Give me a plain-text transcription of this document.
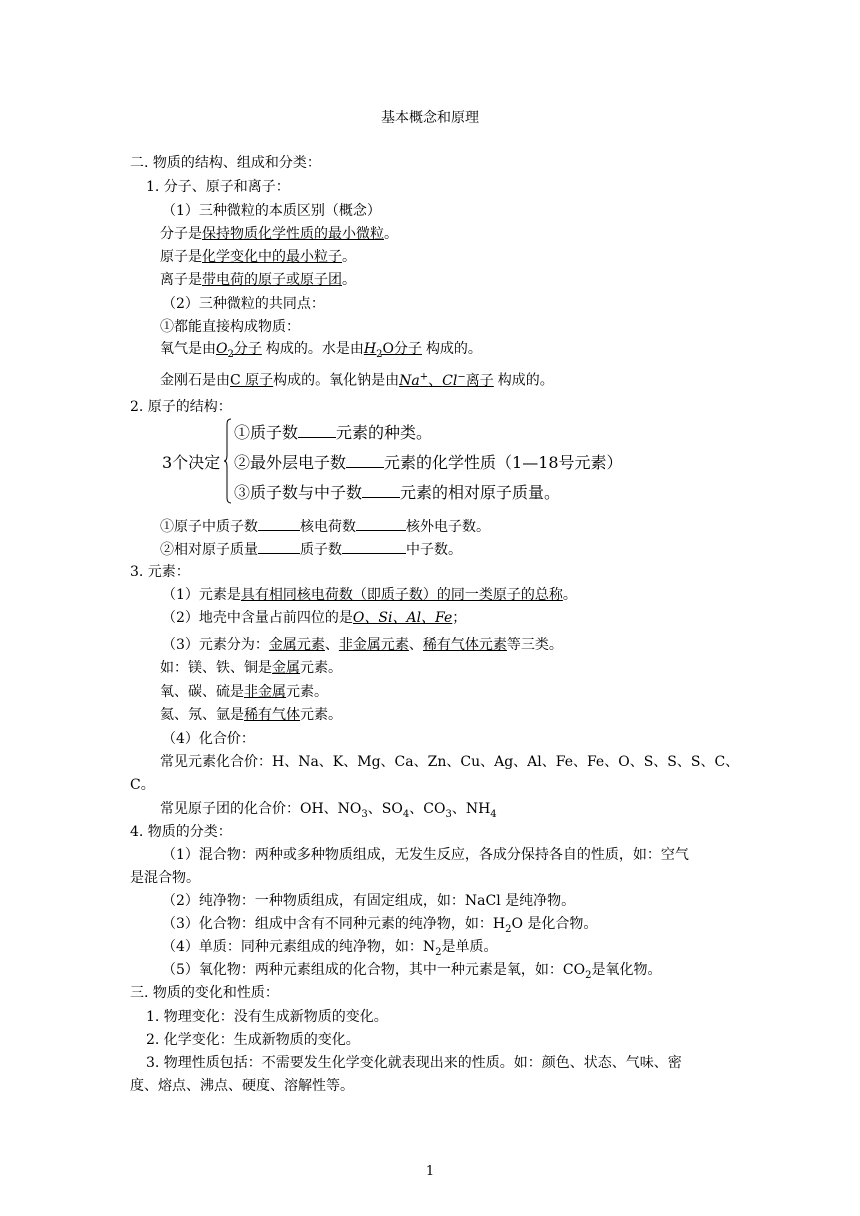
基本概念和原理
二. 物质的结构、组成和分类：
1. 分子、原子和离子：
（1）三种微粒的本质区别（概念）
分子是保持物质化学性质的最小微粒。
原子是化学变化中的最小粒子。
离子是带电荷的原子或原子团。
（2）三种微粒的共同点：
①都能直接构成物质：
氧气是由$O_2$分子 构成的。水是由$H_2O$分子 构成的。
金刚石是由C 原子构成的。氧化钠是由Na+、Cl−离子 构成的。
2. 原子的结构：
3个决定
①质子数 元素的种类。
②最外层电子数 元素的化学性质（1—18号元素）
③质子数与中子数 元素的相对原子质量。
①原子中质子数	核电荷数	核外电子数。
②相对原子质量	质子数	中子数。
3. 元素：
（1）元素是具有相同核电荷数（即质子数）的同一类原子的总称。
（2）地壳中含量占前四位的是O、Si、Al、Fe；
（3）元素分为：金属元素、非金属元素、稀有气体元素等三类。
如：镁、铁、铜是金属元素。
氧、碳、硫是非金属元素。
氦、氖、氩是稀有气体元素。
（4）化合价：
常见元素化合价：H、Na、K、Mg、Ca、Zn、Cu、Ag、Al、Fe、Fe、O、S、S、S、C、
C。
常见原子团的化合价：OH、$NO_3$、$SO_4$、$CO_3$、$NH_4$
4. 物质的分类：
（1）混合物：两种或多种物质组成，无发生反应，各成分保持各自的性质，如：空气
是混合物。
（2）纯净物：一种物质组成，有固定组成，如：NaCl 是纯净物。
（3）化合物：组成中含有不同种元素的纯净物，如：$H_2O$ 是化合物。
（4）单质：同种元素组成的纯净物，如：$N_2$是单质。
（5）氧化物：两种元素组成的化合物，其中一种元素是氧，如：$CO_2$是氧化物。
三. 物质的变化和性质：
1. 物理变化：没有生成新物质的变化。
2. 化学变化：生成新物质的变化。
3. 物理性质包括：不需要发生化学变化就表现出来的性质。如：颜色、状态、气味、密
度、熔点、沸点、硬度、溶解性等。
1
